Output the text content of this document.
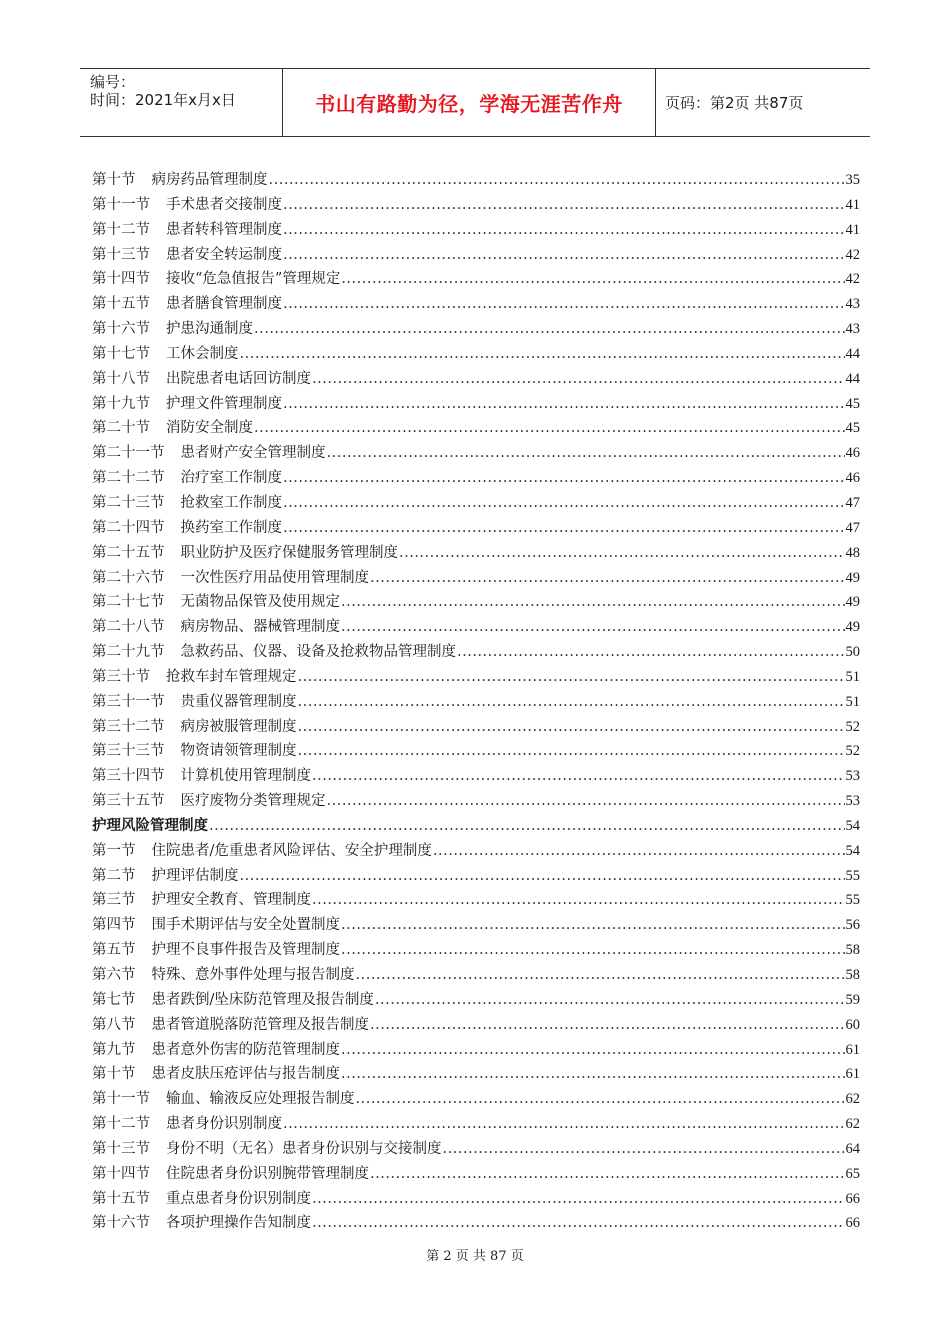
编号：
时间：2021年x月x日	书山有路勤为径，学海无涯苦作舟	页码：第2页 共87页
第十节 病房药品管理制度 .....	35
第十一节 手术患者交接制度 .....	41
第十二节 患者转科管理制度 .....	41
第十三节 患者安全转运制度 .....	42
第十四节 接收“危急值报告”管理规定 .....	42
第十五节 患者膳食管理制度 .....	43
第十六节 护患沟通制度 .....	43
第十七节 工休会制度 .....	44
第十八节 出院患者电话回访制度 .....	44
第十九节 护理文件管理制度 .....	45
第二十节 消防安全制度 .....	45
第二十一节 患者财产安全管理制度 .....	46
第二十二节 治疗室工作制度 .....	46
第二十三节 抢救室工作制度 .....	47
第二十四节 换药室工作制度 .....	47
第二十五节 职业防护及医疗保健服务管理制度 .....	48
第二十六节 一次性医疗用品使用管理制度 .....	49
第二十七节 无菌物品保管及使用规定 .....	49
第二十八节 病房物品、器械管理制度 .....	49
第二十九节 急救药品、仪器、设备及抢救物品管理制度 .....	50
第三十节 抢救车封车管理规定 .....	51
第三十一节 贵重仪器管理制度 .....	51
第三十二节 病房被服管理制度 .....	52
第三十三节 物资请领管理制度 .....	52
第三十四节 计算机使用管理制度 .....	53
第三十五节 医疗废物分类管理规定 .....	53
护理风险管理制度 .....	54
第一节 住院患者/危重患者风险评估、安全护理制度 .....	54
第二节 护理评估制度 .....	55
第三节 护理安全教育、管理制度 .....	55
第四节 围手术期评估与安全处置制度 .....	56
第五节 护理不良事件报告及管理制度 .....	58
第六节 特殊、意外事件处理与报告制度 .....	58
第七节 患者跌倒/坠床防范管理及报告制度 .....	59
第八节 患者管道脱落防范管理及报告制度 .....	60
第九节 患者意外伤害的防范管理制度 .....	61
第十节 患者皮肤压疮评估与报告制度 .....	61
第十一节 输血、输液反应处理报告制度 .....	62
第十二节 患者身份识别制度 .....	62
第十三节 身份不明（无名）患者身份识别与交接制度 .....	64
第十四节 住院患者身份识别腕带管理制度 .....	65
第十五节 重点患者身份识别制度 .....	66
第十六节 各项护理操作告知制度 .....	66
第 2 页 共 87 页
